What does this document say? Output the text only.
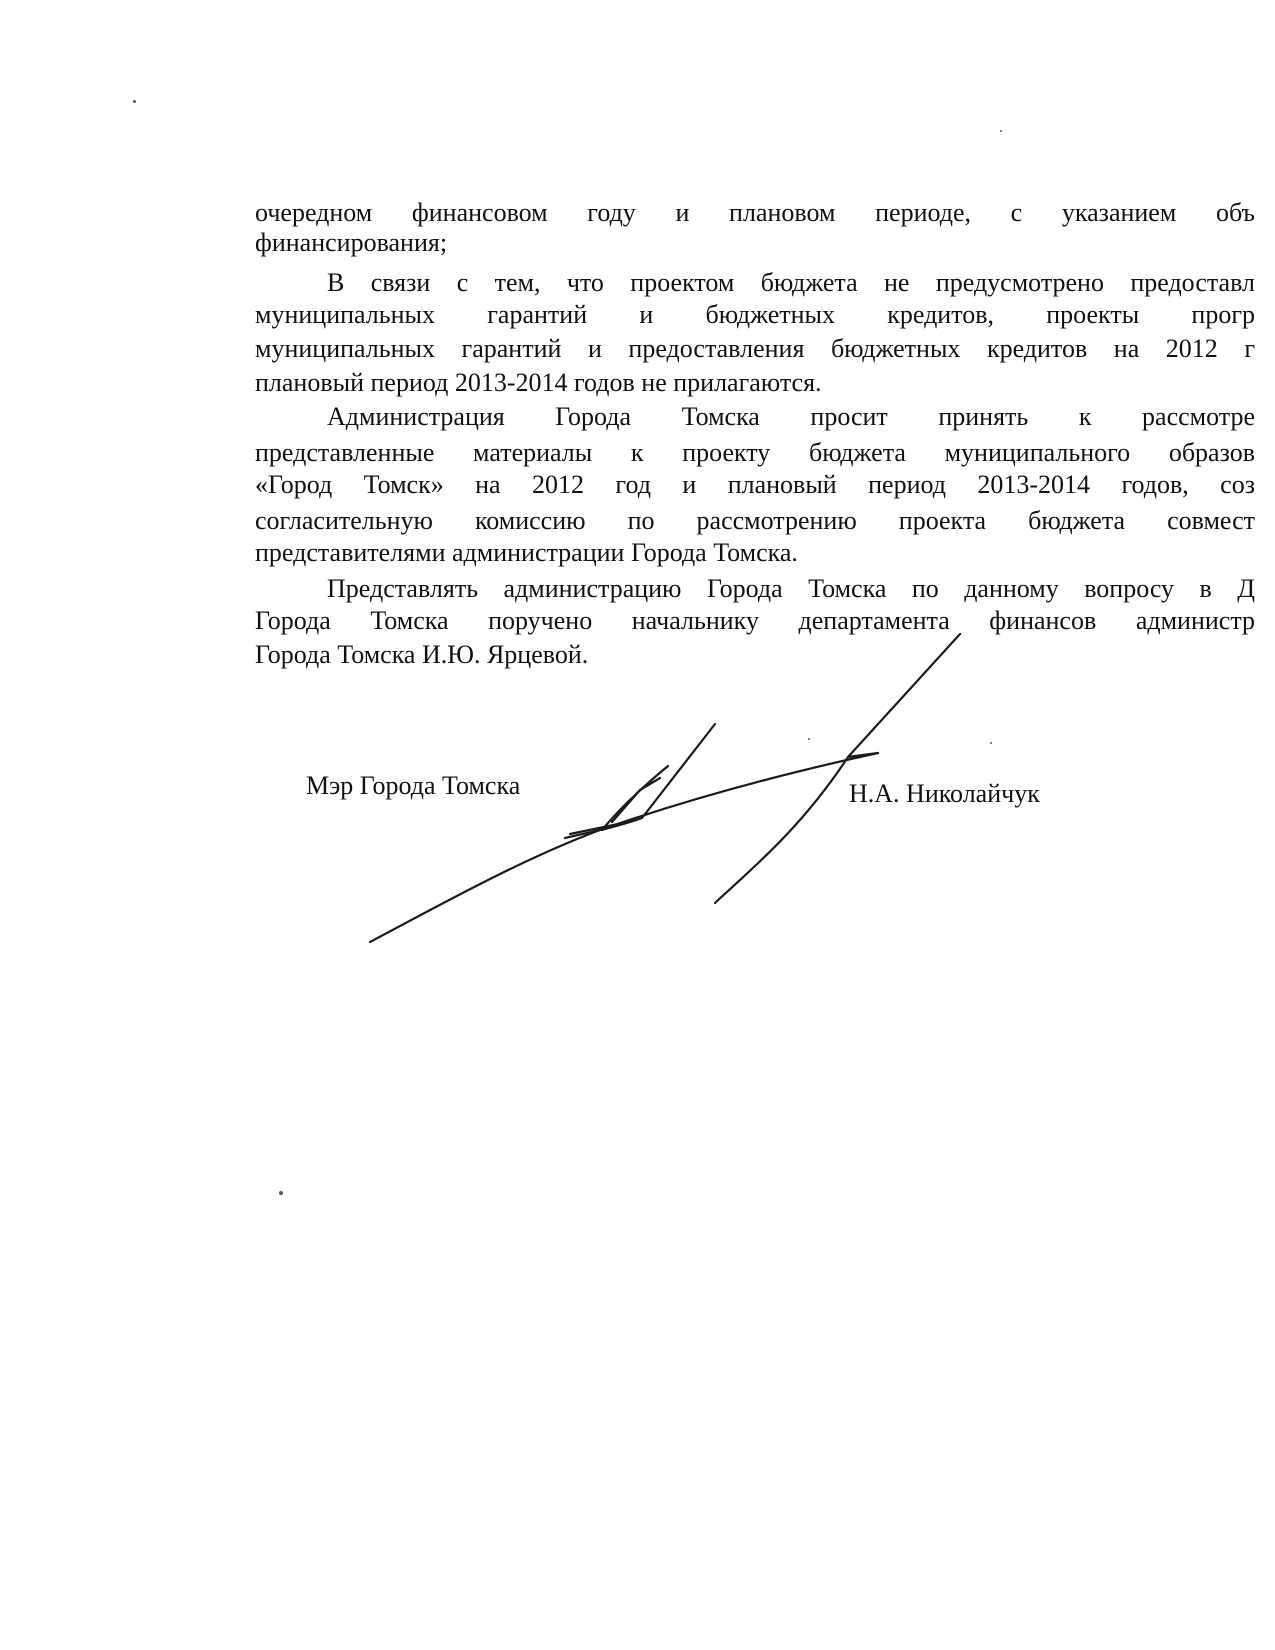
очередном финансовом году и плановом периоде, с указанием объ
финансирования;
В связи с тем, что проектом бюджета не предусмотрено предоставл
муниципальных гарантий и бюджетных кредитов, проекты прогр
муниципальных гарантий и предоставления бюджетных кредитов на 2012 г
плановый период 2013-2014 годов не прилагаются.
Администрация Города Томска просит принять к рассмотре
представленные материалы к проекту бюджета муниципального образов
«Город Томск» на 2012 год и плановый период 2013-2014 годов, соз
согласительную комиссию по рассмотрению проекта бюджета совмест
представителями администрации Города Томска.
Представлять администрацию Города Томска по данному вопросу в Д
Города Томска поручено начальнику департамента финансов администр
Города Томска И.Ю. Ярцевой.
Мэр Города Томска	Н.А. Николайчук
